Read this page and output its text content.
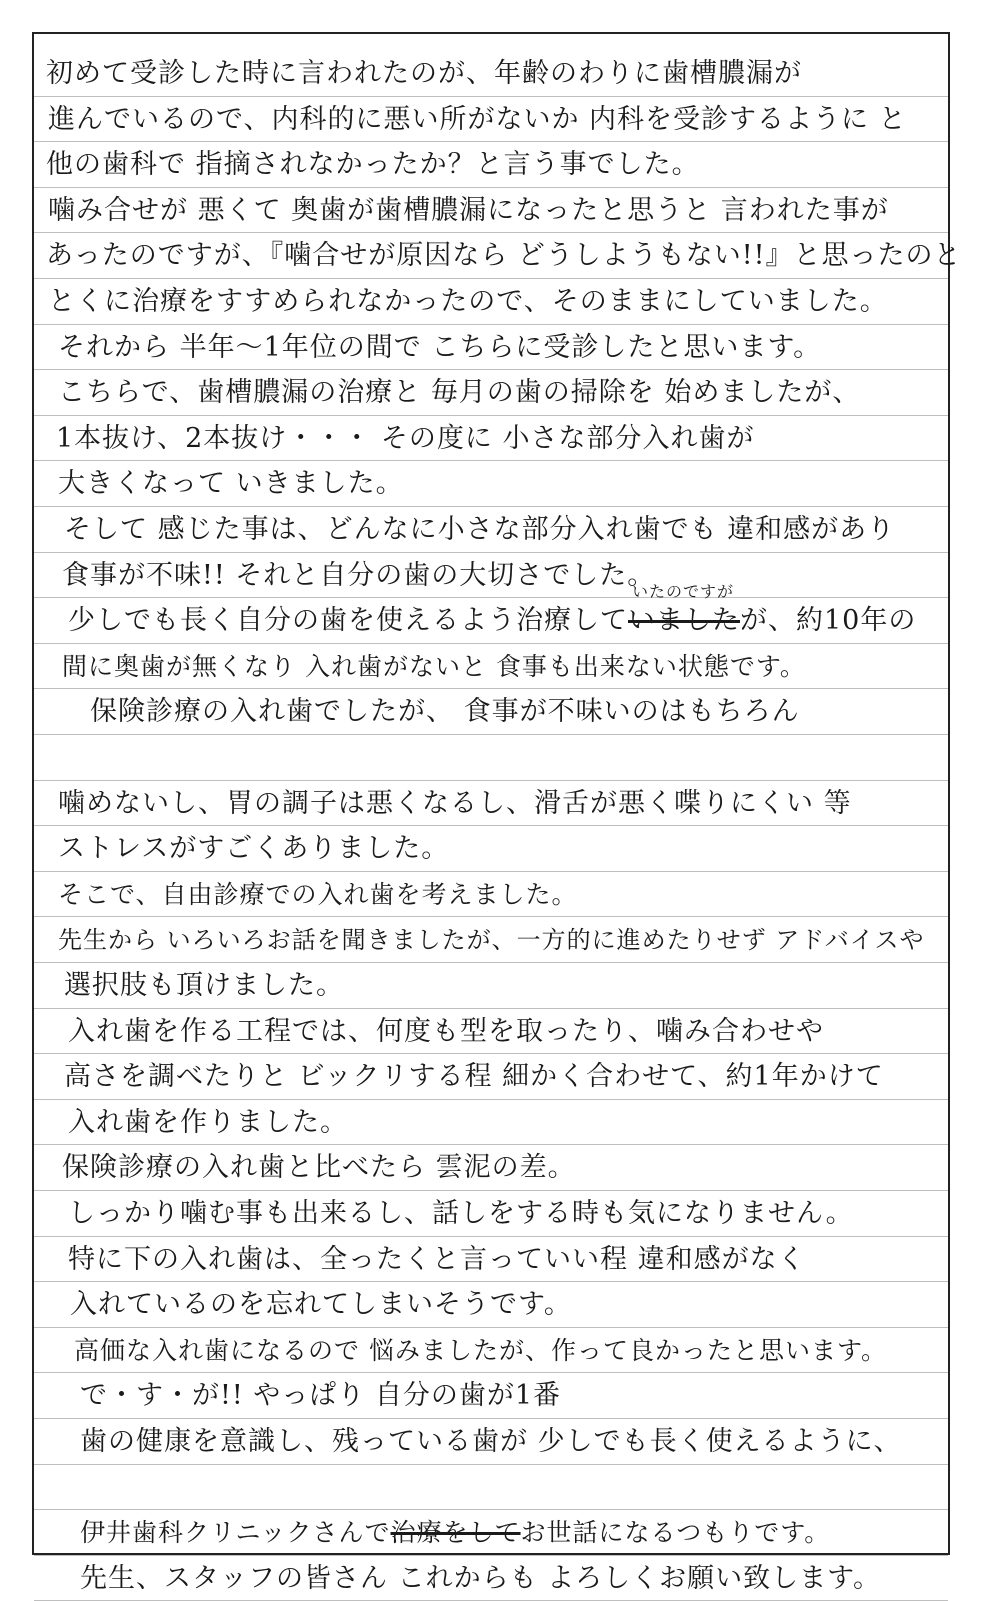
初めて受診した時に言われたのが、年齢のわりに歯槽膿漏が
進んでいるので、内科的に悪い所がないか 内科を受診するように と
他の歯科で 指摘されなかったか？と言う事でした。
噛み合せが 悪くて 奥歯が歯槽膿漏になったと思うと 言われた事が
あったのですが、『噛合せが原因なら どうしようもない!!』と思ったのと
とくに治療をすすめられなかったので、そのままにしていました。
それから 半年〜1年位の間で こちらに受診したと思います。
こちらで、歯槽膿漏の治療と 毎月の歯の掃除を 始めましたが、
1本抜け、2本抜け・・・ その度に 小さな部分入れ歯が
大きくなって いきました。
そして 感じた事は、どんなに小さな部分入れ歯でも 違和感があり
食事が不味!! それと自分の歯の大切さでした。
少しでも長く自分の歯を使えるよう治療していました
いたのですが
が、約10年の
間に奥歯が無くなり 入れ歯がないと 食事も出来ない状態です。
保険診療の入れ歯でしたが、 食事が不味いのはもちろん
噛めないし、胃の調子は悪くなるし、滑舌が悪く喋りにくい 等
ストレスがすごくありました。
そこで、自由診療での入れ歯を考えました。
先生から いろいろお話を聞きましたが、一方的に進めたりせず アドバイスや
選択肢も頂けました。
入れ歯を作る工程では、何度も型を取ったり、噛み合わせや
高さを調べたりと ビックリする程 細かく合わせて、約1年かけて
入れ歯を作りました。
保険診療の入れ歯と比べたら 雲泥の差。
しっかり噛む事も出来るし、話しをする時も気になりません。
特に下の入れ歯は、全ったくと言っていい程 違和感がなく
入れているのを忘れてしまいそうです。
高価な入れ歯になるので 悩みましたが、作って良かったと思います。
で・す・が!! やっぱり 自分の歯が1番
歯の健康を意識し、残っている歯が 少しでも長く使えるように、
伊井歯科クリニックさんで治療をしてお世話になるつもりです。
先生、スタッフの皆さん これからも よろしくお願い致します。
